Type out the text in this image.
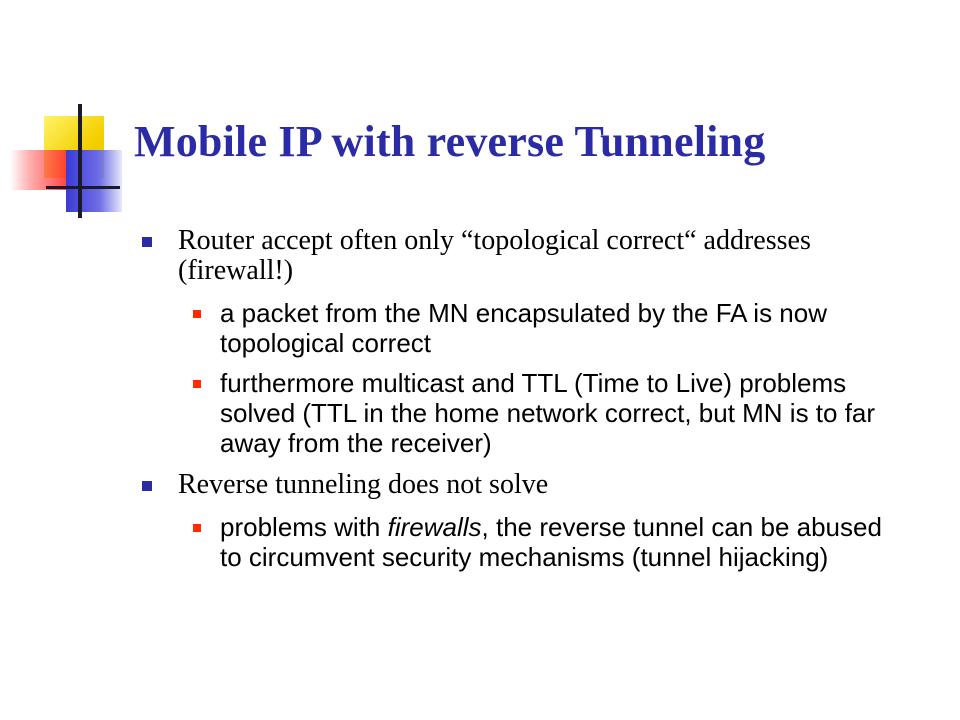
Mobile IP with reverse Tunneling
Router accept often only “topological correct“ addresses (firewall!)
a packet from the MN encapsulated by the FA is now topological correct
furthermore multicast and TTL (Time to Live) problems solved (TTL in the home network correct, but MN is to far away from the receiver)
Reverse tunneling does not solve
problems with firewalls, the reverse tunnel can be abused to circumvent security mechanisms (tunnel hijacking)
